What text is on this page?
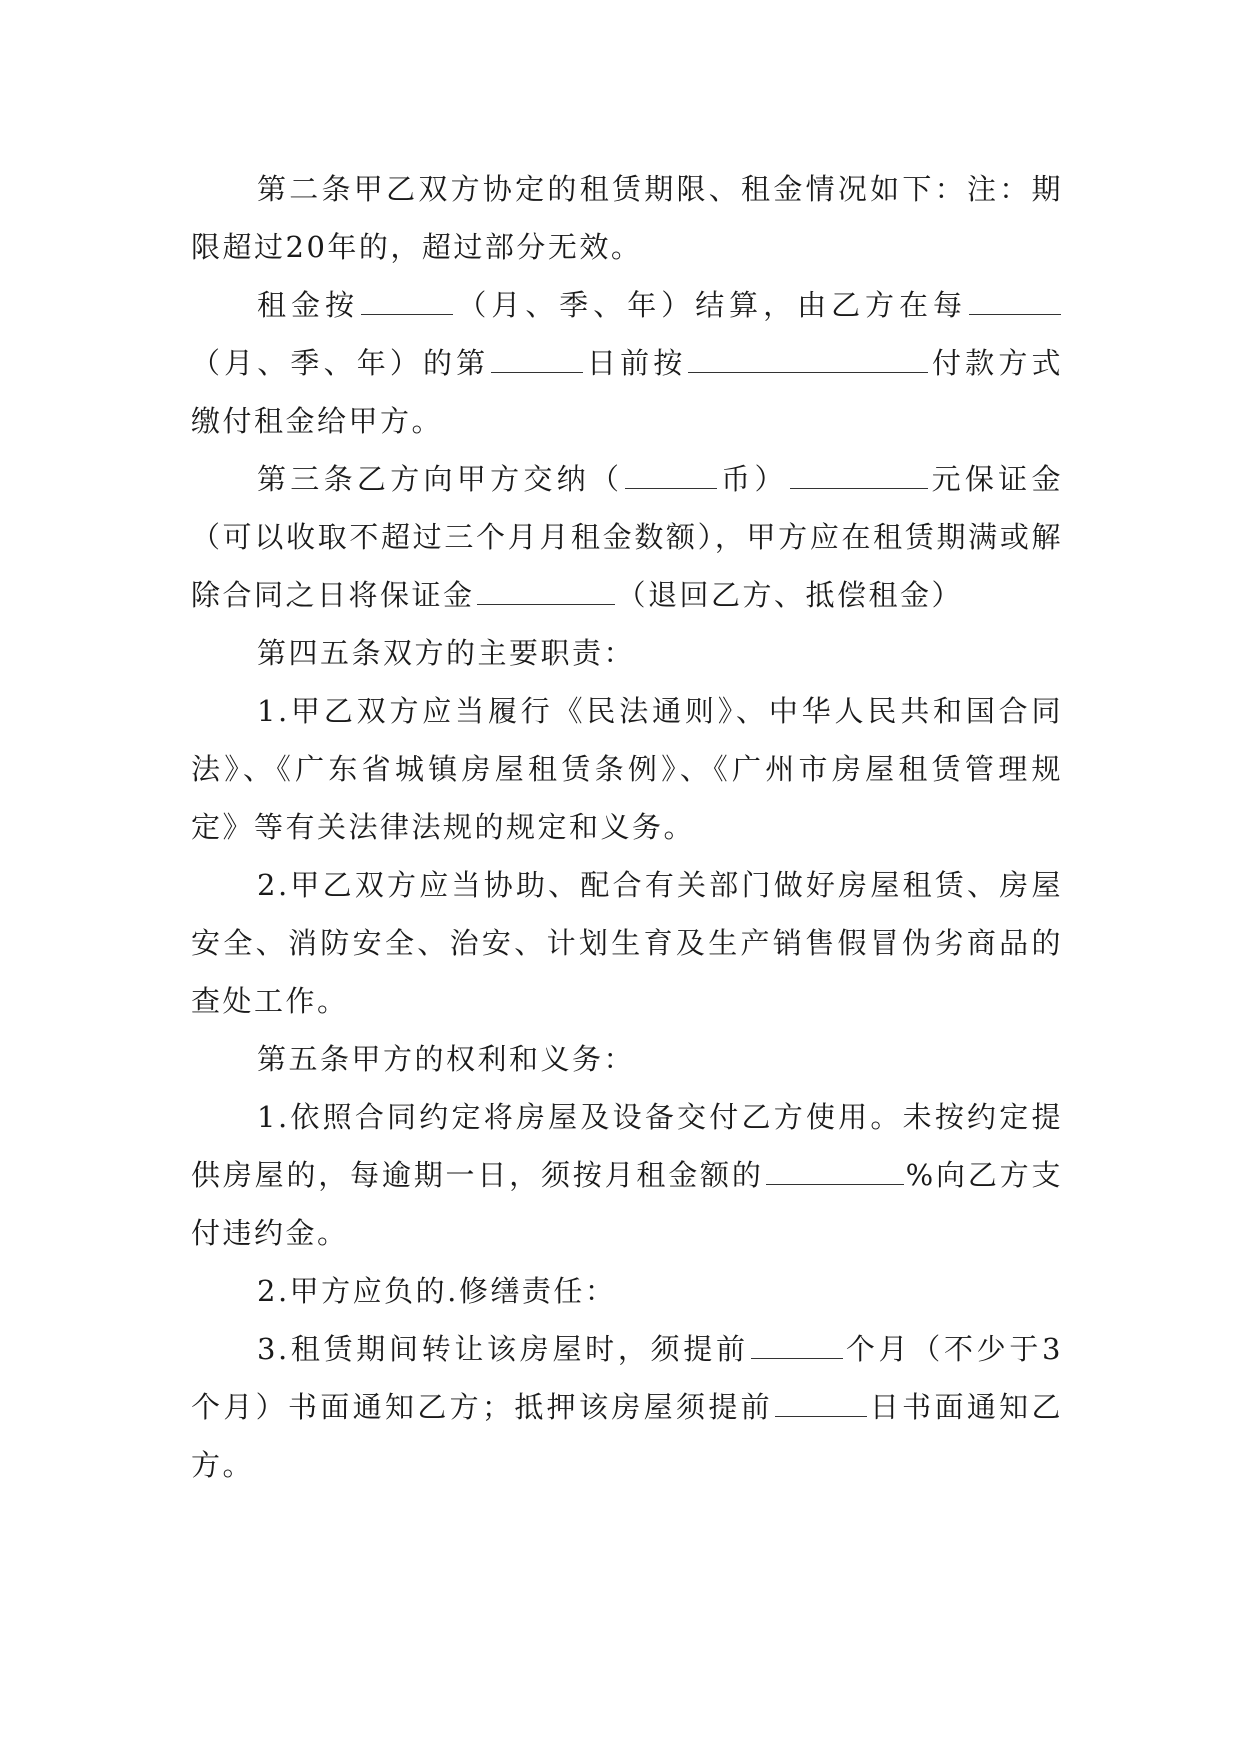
第二条甲乙双方协定的租赁期限、租金情况如下：注：期限超过20年的，超过部分无效。

租金按	（月、季、年）结算，由乙方在每（月、季、年）的第	日前按	付款方式缴付租金给甲方。

第三条乙方向甲方交纳（	币）	元保证金（可以收取不超过三个月月租金数额），甲方应在租赁期满或解除合同之日将保证金	（退回乙方、抵偿租金）

第四五条双方的主要职责：

1.甲乙双方应当履行《民法通则》、中华人民共和国合同法》、《广东省城镇房屋租赁条例》、《广州市房屋租赁管理规定》等有关法律法规的规定和义务。

2.甲乙双方应当协助、配合有关部门做好房屋租赁、房屋安全、消防安全、治安、计划生育及生产销售假冒伪劣商品的查处工作。

第五条甲方的权利和义务：

1.依照合同约定将房屋及设备交付乙方使用。未按约定提供房屋的，每逾期一日，须按月租金额的	%向乙方支付违约金。

2.甲方应负的.修缮责任：

3.租赁期间转让该房屋时，须提前	个月（不少于3个月）书面通知乙方；抵押该房屋须提前	日书面通知乙方。
